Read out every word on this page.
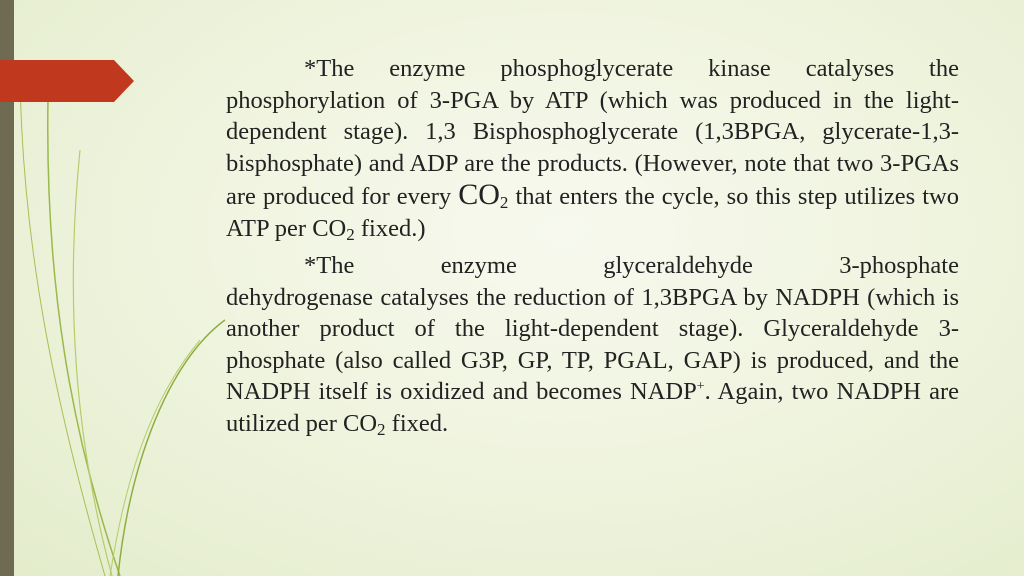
*The enzyme phosphoglycerate kinase catalyses the phosphorylation of 3-PGA by ATP (which was produced in the light-dependent stage). 1,3 Bisphosphoglycerate (1,3BPGA, glycerate-1,3-bisphosphate) and ADP are the products. (However, note that two 3-PGAs are produced for every $CO_2$ that enters the cycle, so this step utilizes two ATP per $CO_2$ fixed.)

*The	enzyme	glyceraldehyde	3-phosphate

dehydrogenase catalyses the reduction of 1,3BPGA by NADPH (which is another product of the light-dependent stage). Glyceraldehyde 3-phosphate (also called G3P, GP, TP, PGAL, GAP) is produced, and the NADPH itself is oxidized and becomes NADP+. Again, two NADPH are utilized per $CO_2$ fixed.
